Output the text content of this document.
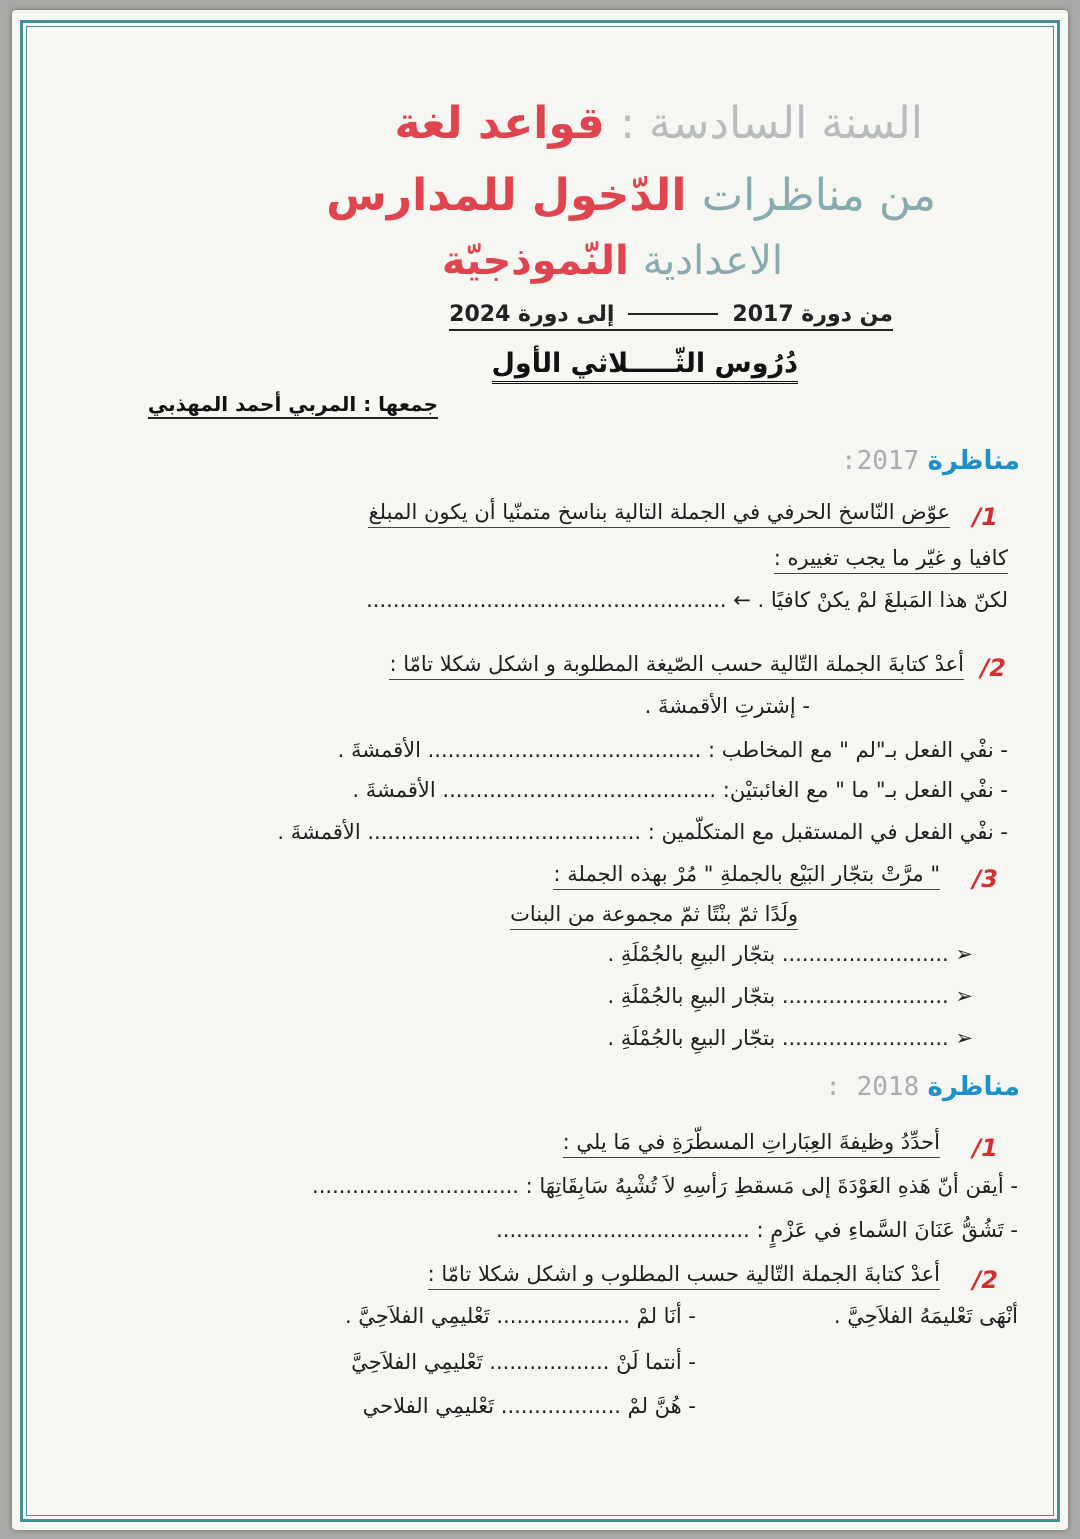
السنة السادسة : قواعد لغة
من مناظرات الدّخول للمدارس
الاعدادية النّموذجيّة
من دورة 2017إلى دورة 2024
دُرُوس الثّـــــلاثي الأول
جمعها : المربي أحمد المهذبي
مناظرة 2017:
1/
عوّض النّاسخ الحرفي في الجملة التالية بناسخ متمنّيا أن يكون المبلغ
كافيا و غيّر ما يجب تغييره :
لكنّ هذا المَبلغَ لمْ يكنْ كافيًا . ← ......................................................
2/
أعدْ كتابةَ الجملة التّالية حسب الصّيغة المطلوبة و اشكل شكلا تامّا :
- إشترتِ الأقمشةَ .
- نفْي الفعل بـ"لم " مع المخاطب : ......................................... الأقمشةَ .
- نفْي الفعل بـ" ما " مع الغائبتيْن: ......................................... الأقمشةَ .
- نفْي الفعل في المستقبل مع المتكلّمين : ......................................... الأقمشةَ .
3/
" مرَّتْ بتجّار البَيْع بالجملةِ " مُرْ بهذه الجملة :
ولَدًا ثمّ بنْتًا ثمّ مجموعة من البنات
➢ ......................... بتجّار البيعِ بالجُمْلَةِ .
➢ ......................... بتجّار البيعِ بالجُمْلَةِ .
➢ ......................... بتجّار البيعِ بالجُمْلَةِ .
مناظرة 2018 :
1/
أحدِّدُ وظيفةَ العِبَاراتِ المسطّرَةِ في مَا يلي :
- أيقن أنّ هَذهِ العَوْدَةَ إلى مَسقطِ رَأسِهِ لاَ تُشْبِهُ سَابِقَاتِهَا : ...............................
- تَشُقُّ عَنَانَ السَّماءِ في عَزْمٍ : ......................................
2/
أعدْ كتابةَ الجملة التّالية حسب المطلوب و اشكل شكلا تامّا :
أنْهَى تَعْليمَهُ الفلاَحِيَّ .
- أنَا لمْ .................... تَعْليمِي الفلاَحِيَّ .
- أنتما لَنْ .................. تَعْليمِي الفلاَحِيَّ
- هُنَّ لمْ .................. تَعْليمِي الفلاحي
